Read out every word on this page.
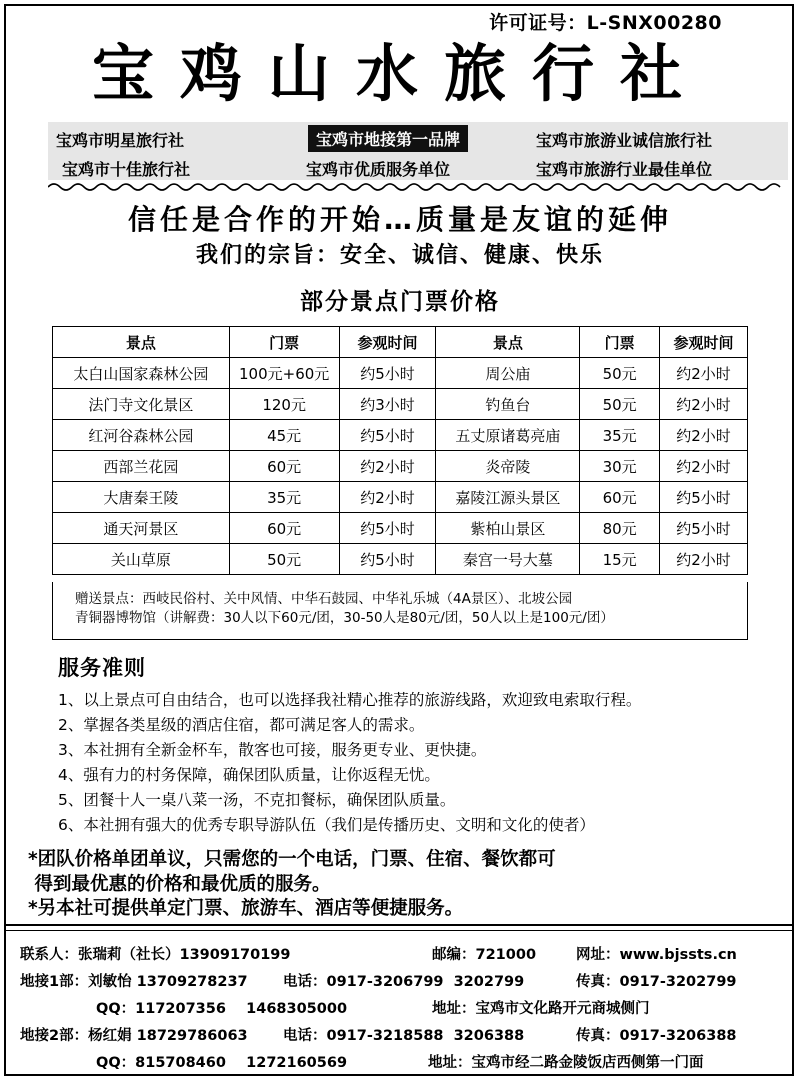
许可证号：L-SNX00280
宝鸡山水旅行社
宝鸡市明星旅行社	宝鸡市地接第一品牌	宝鸡市旅游业诚信旅行社
宝鸡市十佳旅行社	宝鸡市优质服务单位	宝鸡市旅游行业最佳单位
信任是合作的开始…质量是友谊的延伸
我们的宗旨：安全、诚信、健康、快乐
部分景点门票价格
景点	门票	参观时间	景点	门票	参观时间
太白山国家森林公园	100元+60元	约5小时	周公庙	50元	约2小时
法门寺文化景区	120元	约3小时	钓鱼台	50元	约2小时
红河谷森林公园	45元	约5小时	五丈原诸葛亮庙	35元	约2小时
西部兰花园	60元	约2小时	炎帝陵	30元	约2小时
大唐秦王陵	35元	约2小时	嘉陵江源头景区	60元	约5小时
通天河景区	60元	约5小时	紫柏山景区	80元	约5小时
关山草原	50元	约5小时	秦宫一号大墓	15元	约2小时
赠送景点：西岐民俗村、关中风情、中华石鼓园、中华礼乐城（4A景区）、北坡公园
青铜器博物馆（讲解费：30人以下60元/团，30-50人是80元/团，50人以上是100元/团）
服务准则
1、以上景点可自由结合，也可以选择我社精心推荐的旅游线路，欢迎致电索取行程。
2、掌握各类星级的酒店住宿，都可满足客人的需求。
3、本社拥有全新金杯车，散客也可接，服务更专业、更快捷。
4、强有力的村务保障，确保团队质量，让你返程无忧。
5、团餐十人一桌八菜一汤，不克扣餐标，确保团队质量。
6、本社拥有强大的优秀专职导游队伍（我们是传播历史、文明和文化的使者）
*团队价格单团单议，只需您的一个电话，门票、住宿、餐饮都可
得到最优惠的价格和最优质的服务。
*另本社可提供单定门票、旅游车、酒店等便捷服务。
联系人：张瑞莉（社长）13909170199	邮编：721000	网址：www.bjssts.cn
地接1部：刘敏怡 13709278237 电话：0917-3206799  3202799	传真：0917-3202799
QQ：117207356    1468305000	地址：宝鸡市文化路开元商城侧门
地接2部：杨红娟 18729786063 电话：0917-3218588  3206388	传真：0917-3206388
QQ：815708460    1272160569	地址：宝鸡市经二路金陵饭店西侧第一门面
